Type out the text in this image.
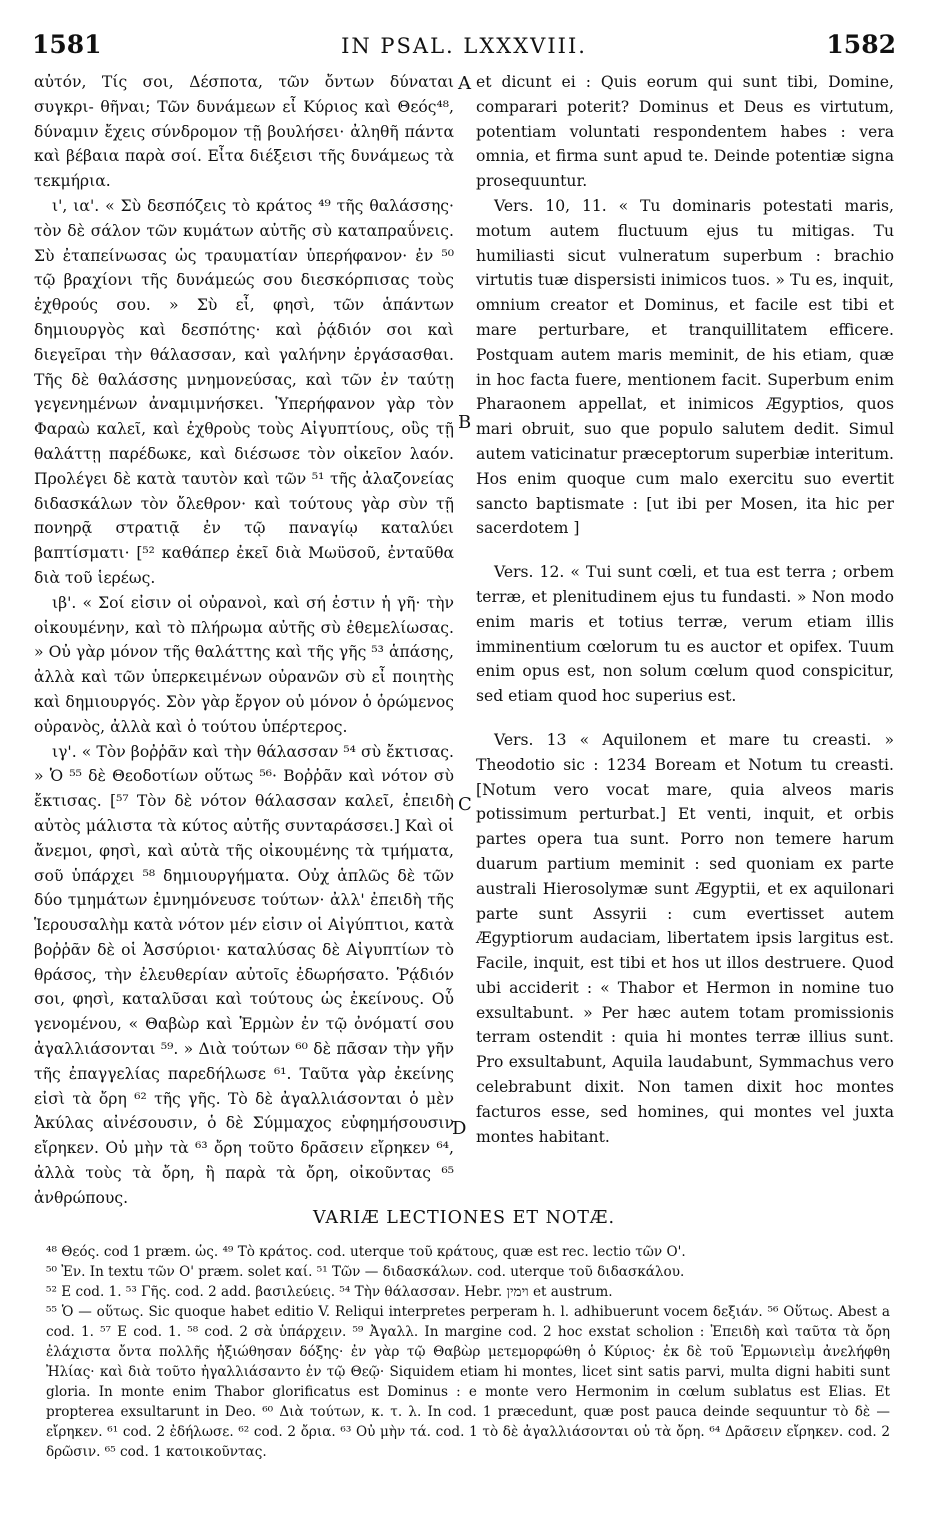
1581	IN PSAL. LXXXVIII.	1582

αὐτόν, Τίς σοι, Δέσποτα, τῶν ὄντων δύναται συγκρι- θῆναι; Τῶν δυνάμεων εἶ Κύριος καὶ Θεός⁴⁸, δύναμιν ἔχεις σύνδρομον τῇ βουλήσει· ἀληθῆ πάντα καὶ βέβαια παρὰ σοί. Εἶτα διέξεισι τῆς δυνάμεως τὰ τεκμήρια.

ι', ια'. « Σὺ δεσπόζεις τὸ κράτος ⁴⁹ τῆς θαλάσσης· τὸν δὲ σάλον τῶν κυμάτων αὐτῆς σὺ καταπραΰνεις. Σὺ ἐταπείνωσας ὡς τραυματίαν ὑπερήφανον· ἐν ⁵⁰ τῷ βραχίονι τῆς δυνάμεώς σου διεσκόρπισας τοὺς ἐχθρούς σου. » Σὺ εἶ, φησὶ, τῶν ἁπάντων δημιουργὸς καὶ δεσπότης· καὶ ῥᾴδιόν σοι καὶ διεγεῖραι τὴν θάλασσαν, καὶ γαλήνην ἐργάσασθαι. Τῆς δὲ θαλάσσης μνημονεύσας, καὶ τῶν ἐν ταύτῃ γεγενημένων ἀναμιμνήσκει. Ὑπερήφανον γὰρ τὸν Φαραὼ καλεῖ, καὶ ἐχθροὺς τοὺς Αἰγυπτίους, οὓς τῇ θαλάττῃ παρέδωκε, καὶ διέσωσε τὸν οἰκεῖον λαόν. Προλέγει δὲ κατὰ ταυτὸν καὶ τῶν ⁵¹ τῆς ἀλαζονείας διδασκάλων τὸν ὄλεθρον· καὶ τούτους γὰρ σὺν τῇ πονηρᾷ στρατιᾷ ἐν τῷ παναγίῳ καταλύει βαπτίσματι· [⁵² καθάπερ ἐκεῖ διὰ Μωϋσοῦ, ἐνταῦθα διὰ τοῦ ἱερέως.

ιβ'. « Σοί εἰσιν οἱ οὐρανοὶ, καὶ σή ἐστιν ἡ γῆ· τὴν οἰκουμένην, καὶ τὸ πλήρωμα αὐτῆς σὺ ἐθεμελίωσας. » Οὐ γὰρ μόνον τῆς θαλάττης καὶ τῆς γῆς ⁵³ ἁπάσης, ἀλλὰ καὶ τῶν ὑπερκειμένων οὐρανῶν σὺ εἶ ποιητὴς καὶ δημιουργός. Σὸν γὰρ ἔργον οὐ μόνον ὁ ὁρώμενος οὐρανὸς, ἀλλὰ καὶ ὁ τούτου ὑπέρτερος.

ιγ'. « Τὸν βοῤῥᾶν καὶ τὴν θάλασσαν ⁵⁴ σὺ ἔκτισας. » Ὁ ⁵⁵ δὲ Θεοδοτίων οὕτως ⁵⁶· Βοῤῥᾶν καὶ νότον σὺ ἔκτισας. [⁵⁷ Τὸν δὲ νότον θάλασσαν καλεῖ, ἐπειδὴ αὐτὸς μάλιστα τὰ κύτος αὐτῆς συνταράσσει.] Καὶ οἱ ἄνεμοι, φησὶ, καὶ αὐτὰ τῆς οἰκουμένης τὰ τμήματα, σοῦ ὑπάρχει ⁵⁸ δημιουργήματα. Οὐχ ἁπλῶς δὲ τῶν δύο τμημάτων ἐμνημόνευσε τούτων· ἀλλ' ἐπειδὴ τῆς Ἱερουσαλὴμ κατὰ νότον μέν εἰσιν οἱ Αἰγύπτιοι, κατὰ βοῤῥᾶν δὲ οἱ Ἀσσύριοι· καταλύσας δὲ Αἰγυπτίων τὸ θράσος, τὴν ἐλευθερίαν αὐτοῖς ἐδωρήσατο. Ῥᾴδιόν σοι, φησὶ, καταλῦσαι καὶ τούτους ὡς ἐκείνους. Οὗ γενομένου, « Θαβὼρ καὶ Ἑρμὼν ἐν τῷ ὀνόματί σου ἀγαλλιάσονται ⁵⁹. » Διὰ τούτων ⁶⁰ δὲ πᾶσαν τὴν γῆν τῆς ἐπαγγελίας παρεδήλωσε ⁶¹. Ταῦτα γὰρ ἐκείνης εἰσὶ τὰ ὄρη ⁶² τῆς γῆς. Τὸ δὲ ἀγαλλιάσονται ὁ μὲν Ἀκύλας αἰνέσουσιν, ὁ δὲ Σύμμαχος εὐφημήσουσιν εἴρηκεν. Οὐ μὴν τὰ ⁶³ ὄρη τοῦτο δρᾶσειν εἴρηκεν ⁶⁴, ἀλλὰ τοὺς τὰ ὄρη, ἢ παρὰ τὰ ὄρη, οἰκοῦντας ⁶⁵ ἀνθρώπους.

et dicunt ei : Quis eorum qui sunt tibi, Domine, comparari poterit? Dominus et Deus es virtutum, potentiam voluntati respondentem habes : vera omnia, et firma sunt apud te. Deinde potentiæ signa prosequuntur.

Vers. 10, 11. « Tu dominaris potestati maris, motum autem fluctuum ejus tu mitigas. Tu humiliasti sicut vulneratum superbum : brachio virtutis tuæ dispersisti inimicos tuos. » Tu es, inquit, omnium creator et Dominus, et facile est tibi et mare perturbare, et tranquillitatem efficere. Postquam autem maris meminit, de his etiam, quæ in hoc facta fuere, mentionem facit. Superbum enim Pharaonem appellat, et inimicos Ægyptios, quos mari obruit, suo que populo salutem dedit. Simul autem vaticinatur præceptorum superbiæ interitum. Hos enim quoque cum malo exercitu suo evertit sancto baptismate : [ut ibi per Mosen, ita hic per sacerdotem ]

Vers. 12. « Tui sunt cœli, et tua est terra ; orbem terræ, et plenitudinem ejus tu fundasti. » Non modo enim maris et totius terræ, verum etiam illis imminentium cœlorum tu es auctor et opifex. Tuum enim opus est, non solum cœlum quod conspicitur, sed etiam quod hoc superius est.

Vers. 13 « Aquilonem et mare tu creasti. » Theodotio sic : 1234 Boream et Notum tu creasti. [Notum vero vocat mare, quia alveos maris potissimum perturbat.] Et venti, inquit, et orbis partes opera tua sunt. Porro non temere harum duarum partium meminit : sed quoniam ex parte australi Hierosolymæ sunt Ægyptii, et ex aquilonari parte sunt Assyrii : cum evertisset autem Ægyptiorum audaciam, libertatem ipsis largitus est. Facile, inquit, est tibi et hos ut illos destruere. Quod ubi acciderit : « Thabor et Hermon in nomine tuo exsultabunt. » Per hæc autem totam promissionis terram ostendit : quia hi montes terræ illius sunt. Pro exsultabunt, Aquila laudabunt, Symmachus vero celebrabunt dixit. Non tamen dixit hoc montes facturos esse, sed homines, qui montes vel juxta montes habitant.

A
B
C
D
VARIÆ LECTIONES ET NOTÆ.

⁴⁸ Θεός. cod 1 præm. ὡς. ⁴⁹ Τὸ κράτος. cod. uterque τοῦ κράτους, quæ est rec. lectio τῶν Ο'.

⁵⁰ Ἐν. In textu τῶν Ο' præm. solet καί. ⁵¹ Τῶν — διδασκάλων. cod. uterque τοῦ διδασκάλου.

⁵² E cod. 1. ⁵³ Γῆς. cod. 2 add. βασιλεύεις. ⁵⁴ Τὴν θάλασσαν. Hebr. וימין et austrum.

⁵⁵ Ὁ — οὕτως. Sic quoque habet editio V. Reliqui interpretes perperam h. l. adhibuerunt vocem δεξιάν. ⁵⁶ Οὕτως. Abest a cod. 1. ⁵⁷ E cod. 1. ⁵⁸ cod. 2 σὰ ὑπάρχειν. ⁵⁹ Ἀγαλλ. In margine cod. 2 hoc exstat scholion : Ἐπειδὴ καὶ ταῦτα τὰ ὄρη ἐλάχιστα ὄντα πολλῆς ἠξιώθησαν δόξης· ἐν γὰρ τῷ Θαβὼρ μετεμορφώθη ὁ Κύριος· ἐκ δὲ τοῦ Ἑρμωνιεὶμ ἀνελήφθη Ἠλίας· καὶ διὰ τοῦτο ἠγαλλιάσαντο ἐν τῷ Θεῷ· Siquidem etiam hi montes, licet sint satis parvi, multa digni habiti sunt gloria. In monte enim Thabor glorificatus est Dominus : e monte vero Hermonim in cœlum sublatus est Elias. Et propterea exsultarunt in Deo. ⁶⁰ Διὰ τούτων, κ. τ. λ. In cod. 1 præcedunt, quæ post pauca deinde sequuntur τὸ δὲ — εἴρηκεν. ⁶¹ cod. 2 ἐδήλωσε. ⁶² cod. 2 ὄρια. ⁶³ Οὐ μὴν τά. cod. 1 τὸ δὲ ἀγαλλιάσονται οὐ τὰ ὄρη. ⁶⁴ Δρᾶσειν εἴρηκεν. cod. 2 δρῶσιν. ⁶⁵ cod. 1 κατοικοῦντας.
